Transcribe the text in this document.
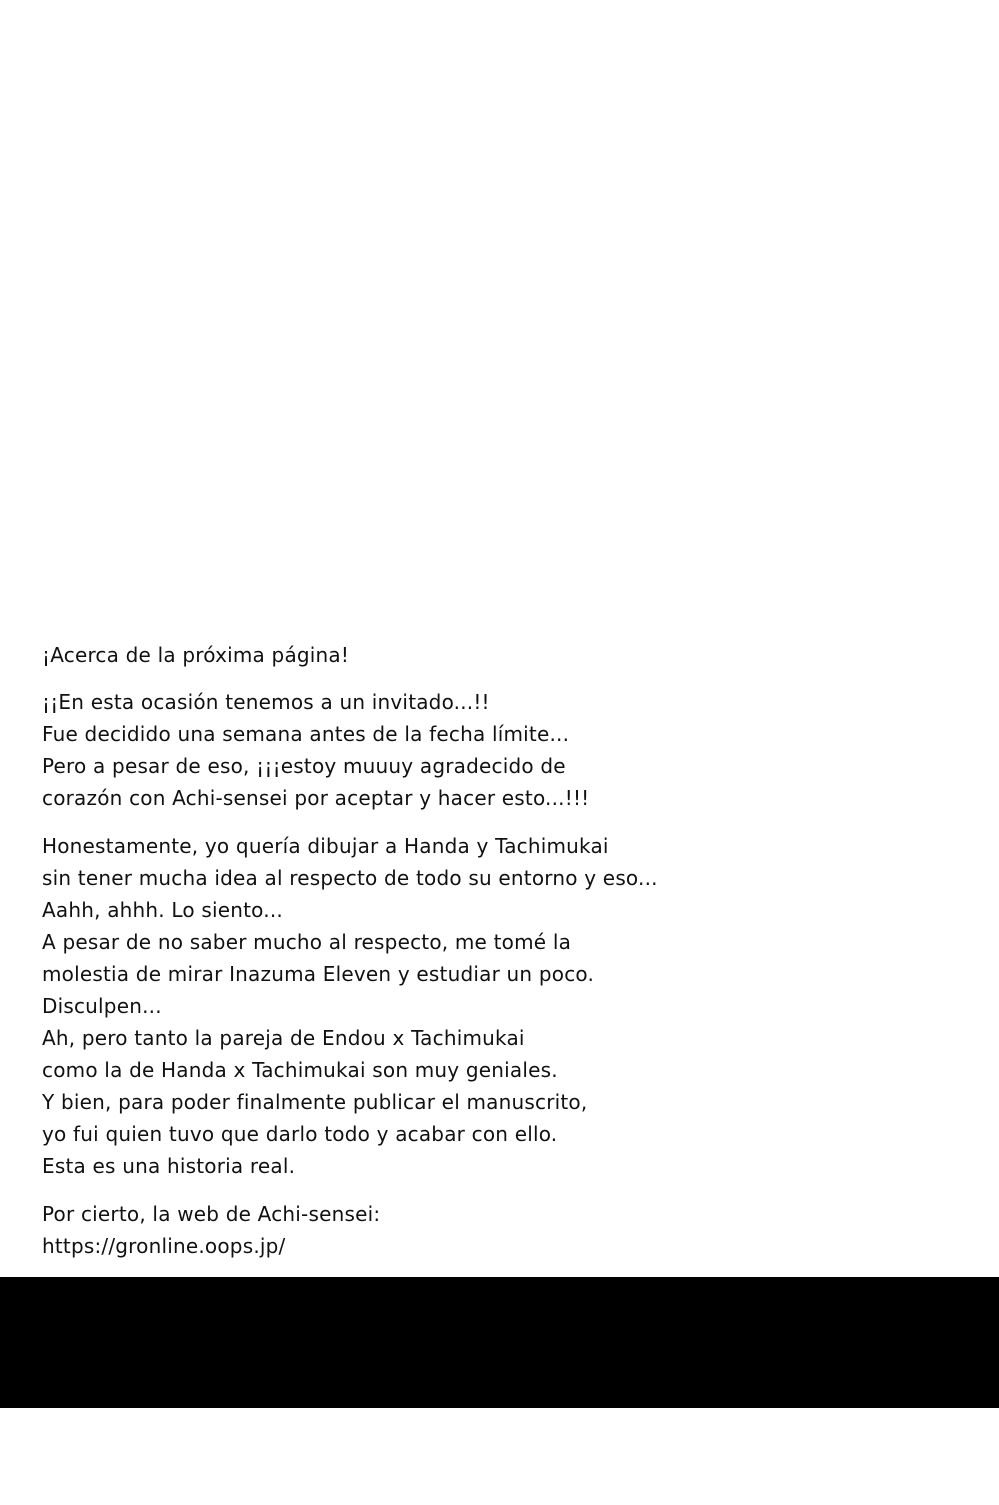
¡Acerca de la próxima página!
¡¡En esta ocasión tenemos a un invitado...!!
Fue decidido una semana antes de la fecha límite...
Pero a pesar de eso, ¡¡¡estoy muuuy agradecido de
corazón con Achi-sensei por aceptar y hacer esto...!!!
Honestamente, yo quería dibujar a Handa y Tachimukai
sin tener mucha idea al respecto de todo su entorno y eso...
Aahh, ahhh. Lo siento...
A pesar de no saber mucho al respecto, me tomé la
molestia de mirar Inazuma Eleven y estudiar un poco.
Disculpen...
Ah, pero tanto la pareja de Endou x Tachimukai
como la de Handa x Tachimukai son muy geniales.
Y bien, para poder finalmente publicar el manuscrito,
yo fui quien tuvo que darlo todo y acabar con ello.
Esta es una historia real.
Por cierto, la web de Achi-sensei:
https://gronline.oops.jp/
